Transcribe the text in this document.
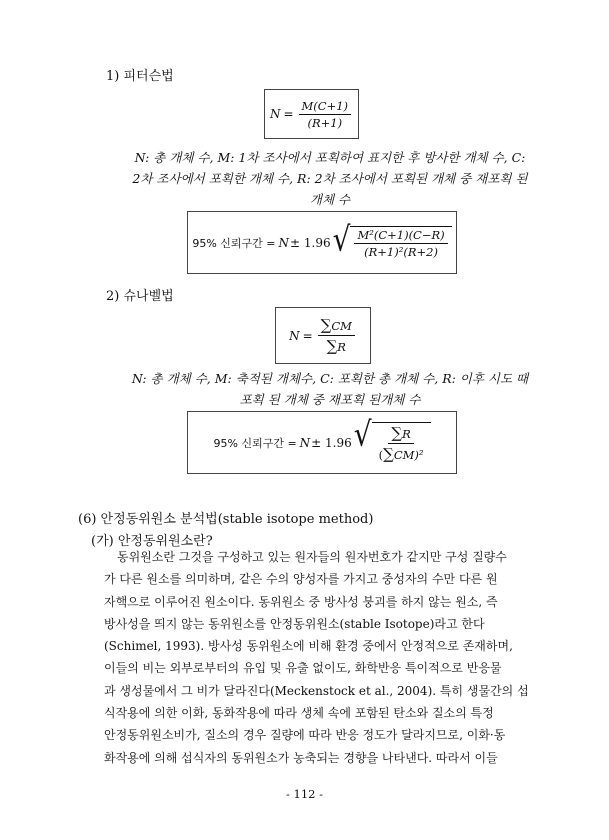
1) 피터슨법
$N = \frac{M(C+1)}{(R+1)}$
N: 총 개체 수, M: 1차 조사에서 포획하여 표지한 후 방사한 개체 수, C:
2차 조사에서 포획한 개체 수, R: 2차 조사에서 포획된 개체 중 재포획 된
개체 수
95% 신뢰구간 = N ± 1.96 √ $\frac{\text{M²(C+1)(C−R)}}{\text{(R+1)²(R+2)}}$
2) 슈나벨법
$N = \frac{\sum CM}{\sum R}$
N: 총 개체 수, M: 축적된 개체수, C: 포획한 총 개체 수, R: 이후 시도 때
포획 된 개체 중 재포획 된개체 수
95% 신뢰구간 = N ± 1.96 √ $\frac{\sum R}{\text{(∑CM)²}}$
(6) 안정동위원소 분석법(stable isotope method)
(가) 안정동위원소란?
동위원소란 그것을 구성하고 있는 원자들의 원자번호가 같지만 구성 질량수
가 다른 원소를 의미하며, 같은 수의 양성자를 가지고 중성자의 수만 다른 원
자핵으로 이루어진 원소이다. 동위원소 중 방사성 붕괴를 하지 않는 원소, 즉
방사성을 띄지 않는 동위원소를 안정동위원소(stable Isotope)라고 한다
(Schimel, 1993). 방사성 동위원소에 비해 환경 중에서 안정적으로 존재하며,
이들의 비는 외부로부터의 유입 및 유출 없이도, 화학반응 특이적으로 반응물
과 생성물에서 그 비가 달라진다(Meckenstock et al., 2004). 특히 생물간의 섭
식작용에 의한 이화, 동화작용에 따라 생체 속에 포함된 탄소와 질소의 특정
안정동위원소비가, 질소의 경우 질량에 따라 반응 정도가 달라지므로, 이화·동
화작용에 의해 섭식자의 동위원소가 농축되는 경향을 나타낸다. 따라서 이들
- 112 -
